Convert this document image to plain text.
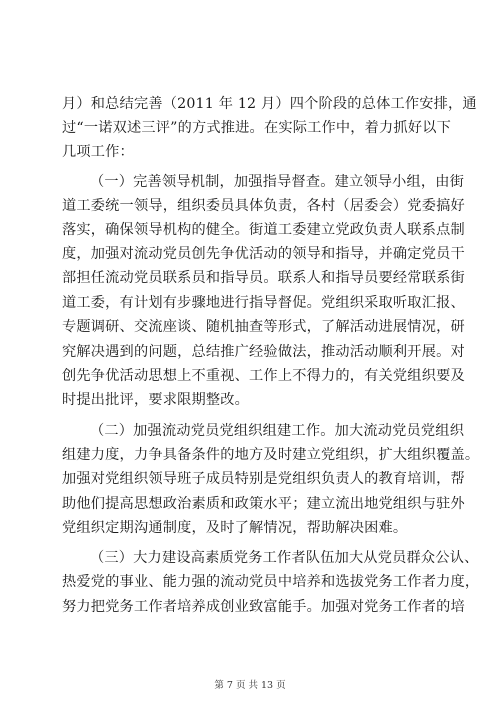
月）和总结完善（2011 年 12 月）四个阶段的总体工作安排，通
过“一诺双述三评”的方式推进。在实际工作中，着力抓好以下
几项工作：
（一）完善领导机制，加强指导督查。建立领导小组，由街
道工委统一领导，组织委员具体负责，各村（居委会）党委搞好
落实，确保领导机构的健全。街道工委建立党政负责人联系点制
度，加强对流动党员创先争优活动的领导和指导，并确定党员干
部担任流动党员联系员和指导员。联系人和指导员要经常联系街
道工委，有计划有步骤地进行指导督促。党组织采取听取汇报、
专题调研、交流座谈、随机抽查等形式，了解活动进展情况，研
究解决遇到的问题，总结推广经验做法，推动活动顺利开展。对
创先争优活动思想上不重视、工作上不得力的，有关党组织要及
时提出批评，要求限期整改。
（二）加强流动党员党组织组建工作。加大流动党员党组织
组建力度，力争具备条件的地方及时建立党组织，扩大组织覆盖。
加强对党组织领导班子成员特别是党组织负责人的教育培训，帮
助他们提高思想政治素质和政策水平；建立流出地党组织与驻外
党组织定期沟通制度，及时了解情况，帮助解决困难。
（三）大力建设高素质党务工作者队伍加大从党员群众公认、
热爱党的事业、能力强的流动党员中培养和选拔党务工作者力度，
努力把党务工作者培养成创业致富能手。加强对党务工作者的培
第 7 页 共 13 页
